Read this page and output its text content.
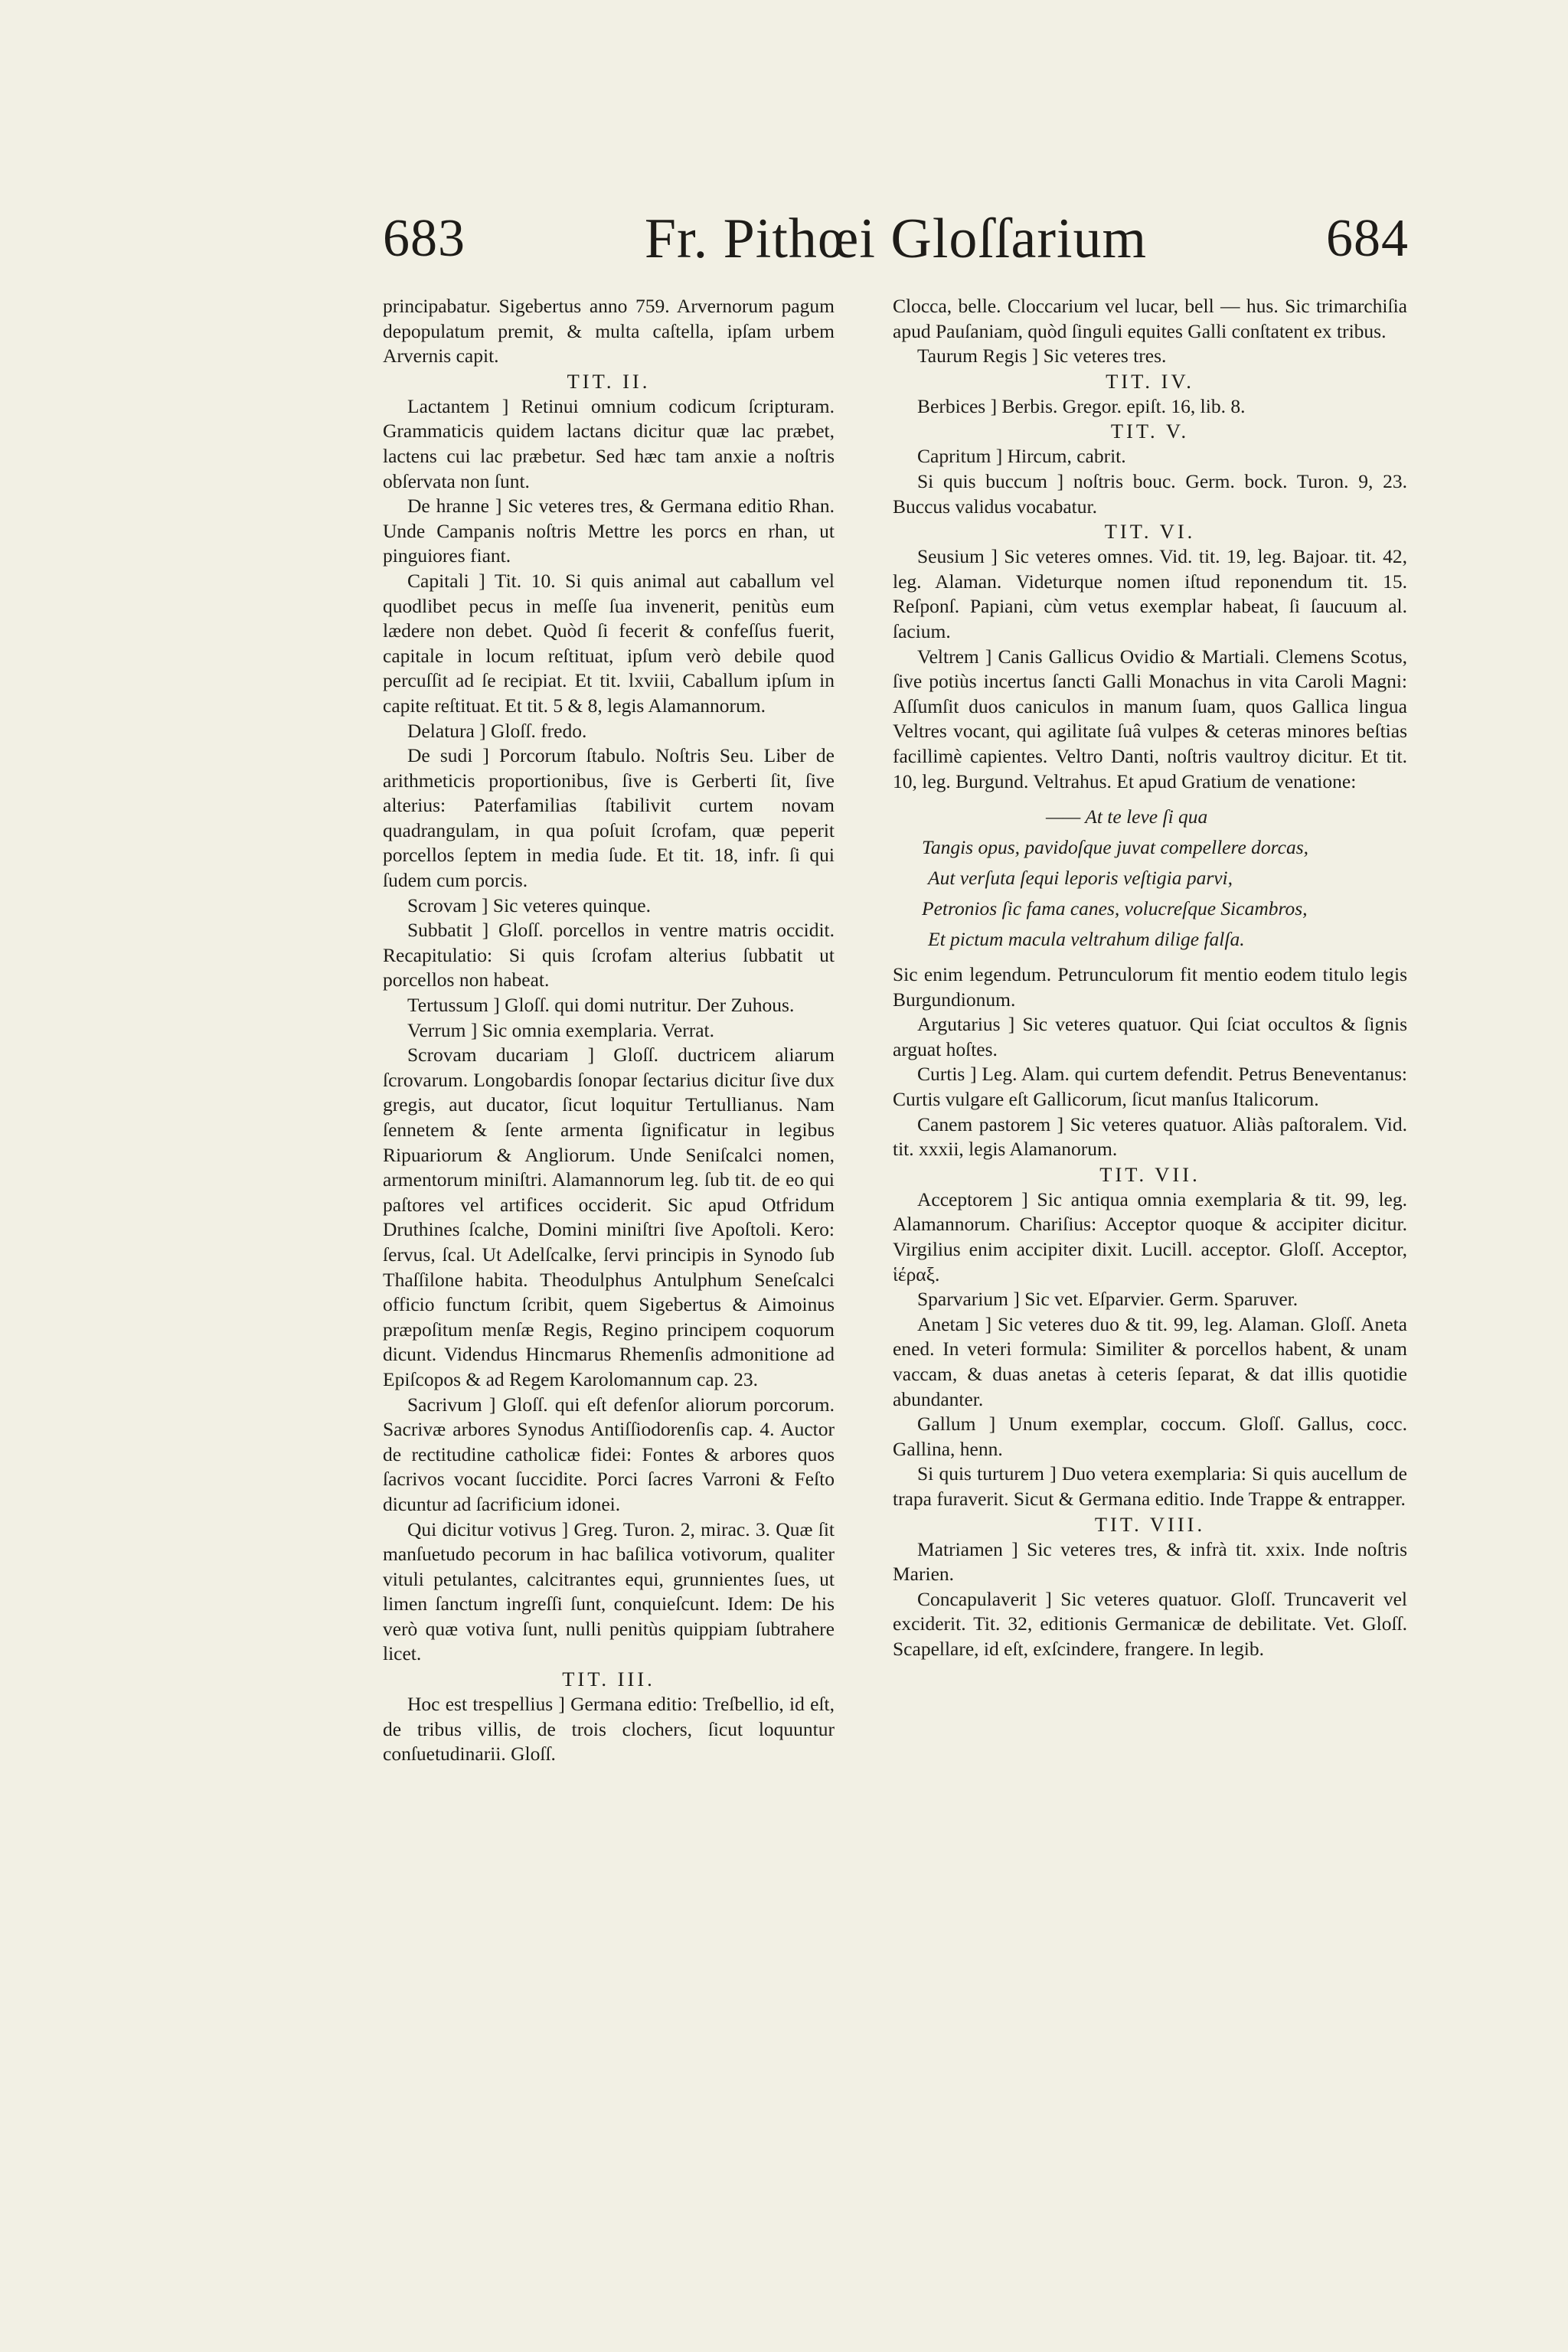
683	Fr. Pithœi Gloſſarium	684

principabatur. Sigebertus anno 759. Arvernorum pagum depopulatum premit, & multa caſtella, ipſam urbem Arvernis capit.

TIT. II.

Lactantem ] Retinui omnium codicum ſcripturam. Grammaticis quidem lactans dicitur quæ lac præbet, lactens cui lac præbetur. Sed hæc tam anxie a noſtris obſervata non ſunt.

De hranne ] Sic veteres tres, & Germana editio Rhan. Unde Campanis noſtris Mettre les porcs en rhan, ut pinguiores fiant.

Capitali ] Tit. 10. Si quis animal aut caballum vel quodlibet pecus in meſſe ſua invenerit, penitùs eum lædere non debet. Quòd ſi fecerit & confeſſus fuerit, capitale in locum reſtituat, ipſum verò debile quod percuſſit ad ſe recipiat. Et tit. lxviii, Caballum ipſum in capite reſtituat. Et tit. 5 & 8, legis Alamannorum.

Delatura ] Gloſſ. fredo.

De sudi ] Porcorum ſtabulo. Noſtris Seu. Liber de arithmeticis proportionibus, ſive is Gerberti ſit, ſive alterius: Paterfamilias ſtabilivit curtem novam quadrangulam, in qua poſuit ſcrofam, quæ peperit porcellos ſeptem in media ſude. Et tit. 18, infr. ſi qui ſudem cum porcis.

Scrovam ] Sic veteres quinque.

Subbatit ] Gloſſ. porcellos in ventre matris occidit. Recapitulatio: Si quis ſcrofam alterius ſubbatit ut porcellos non habeat.

Tertussum ] Gloſſ. qui domi nutritur. Der Zuhous.

Verrum ] Sic omnia exemplaria. Verrat.

Scrovam ducariam ] Gloſſ. ductricem aliarum ſcrovarum. Longobardis ſonopar ſectarius dicitur ſive dux gregis, aut ducator, ſicut loquitur Tertullianus. Nam ſennetem & ſente armenta ſignificatur in legibus Ripuariorum & Angliorum. Unde Seniſcalci nomen, armentorum miniſtri. Alamannorum leg. ſub tit. de eo qui paſtores vel artifices occiderit. Sic apud Otfridum Druthines ſcalche, Domini miniſtri ſive Apoſtoli. Kero: ſervus, ſcal. Ut Adelſcalke, ſervi principis in Synodo ſub Thaſſilone habita. Theodulphus Antulphum Seneſcalci officio functum ſcribit, quem Sigebertus & Aimoinus præpoſitum menſæ Regis, Regino principem coquorum dicunt. Videndus Hincmarus Rhemenſis admonitione ad Epiſcopos & ad Regem Karolomannum cap. 23.

Sacrivum ] Gloſſ. qui eſt defenſor aliorum porcorum. Sacrivæ arbores Synodus Antiſſiodorenſis cap. 4. Auctor de rectitudine catholicæ fidei: Fontes & arbores quos ſacrivos vocant ſuccidite. Porci ſacres Varroni & Feſto dicuntur ad ſacrificium idonei.

Qui dicitur votivus ] Greg. Turon. 2, mirac. 3. Quæ ſit manſuetudo pecorum in hac baſilica votivorum, qualiter vituli petulantes, calcitrantes equi, grunnientes ſues, ut limen ſanctum ingreſſi ſunt, conquieſcunt. Idem: De his verò quæ votiva ſunt, nulli penitùs quippiam ſubtrahere licet.

TIT. III.

Hoc est trespellius ] Germana editio: Treſbellio, id eſt, de tribus villis, de trois clochers, ſicut loquuntur conſuetudinarii. Gloſſ.

Clocca, belle. Cloccarium vel lucar, bell — hus. Sic trimarchiſia apud Pauſaniam, quòd ſinguli equites Galli conſtatent ex tribus.

Taurum Regis ] Sic veteres tres.

TIT. IV.

Berbices ] Berbis. Gregor. epiſt. 16, lib. 8.

TIT. V.

Capritum ] Hircum, cabrit.

Si quis buccum ] noſtris bouc. Germ. bock. Turon. 9, 23. Buccus validus vocabatur.

TIT. VI.

Seusium ] Sic veteres omnes. Vid. tit. 19, leg. Bajoar. tit. 42, leg. Alaman. Videturque nomen iſtud reponendum tit. 15. Reſponſ. Papiani, cùm vetus exemplar habeat, ſi ſaucuum al. ſacium.

Veltrem ] Canis Gallicus Ovidio & Martiali. Clemens Scotus, ſive potiùs incertus ſancti Galli Monachus in vita Caroli Magni: Aſſumſit duos caniculos in manum ſuam, quos Gallica lingua Veltres vocant, qui agilitate ſuâ vulpes & ceteras minores beſtias facillimè capientes. Veltro Danti, noſtris vaultroy dicitur. Et tit. 10, leg. Burgund. Veltrahus. Et apud Gratium de venatione:

—— At te leve ſi qua

Tangis opus, pavidoſque juvat compellere dorcas,

Aut verſuta ſequi leporis veſtigia parvi,

Petronios ſic fama canes, volucreſque Sicambros,

Et pictum macula veltrahum dilige falſa.

Sic enim legendum. Petrunculorum fit mentio eodem titulo legis Burgundionum.

Argutarius ] Sic veteres quatuor. Qui ſciat occultos & ſignis arguat hoſtes.

Curtis ] Leg. Alam. qui curtem defendit. Petrus Beneventanus: Curtis vulgare eſt Gallicorum, ſicut manſus Italicorum.

Canem pastorem ] Sic veteres quatuor. Aliàs paſtoralem. Vid. tit. xxxii, legis Alamanorum.

TIT. VII.

Acceptorem ] Sic antiqua omnia exemplaria & tit. 99, leg. Alamannorum. Chariſius: Acceptor quoque & accipiter dicitur. Virgilius enim accipiter dixit. Lucill. acceptor. Gloſſ. Acceptor, ἱέραξ.

Sparvarium ] Sic vet. Eſparvier. Germ. Sparuver.

Anetam ] Sic veteres duo & tit. 99, leg. Alaman. Gloſſ. Aneta ened. In veteri formula: Similiter & porcellos habent, & unam vaccam, & duas anetas à ceteris ſeparat, & dat illis quotidie abundanter.

Gallum ] Unum exemplar, coccum. Gloſſ. Gallus, cocc. Gallina, henn.

Si quis turturem ] Duo vetera exemplaria: Si quis aucellum de trapa furaverit. Sicut & Germana editio. Inde Trappe & entrapper.

TIT. VIII.

Matriamen ] Sic veteres tres, & infrà tit. xxix. Inde noſtris Marien.

Concapulaverit ] Sic veteres quatuor. Gloſſ. Truncaverit vel exciderit. Tit. 32, editionis Germanicæ de debilitate. Vet. Gloſſ. Scapellare, id eſt, exſcindere, frangere. In legib.
